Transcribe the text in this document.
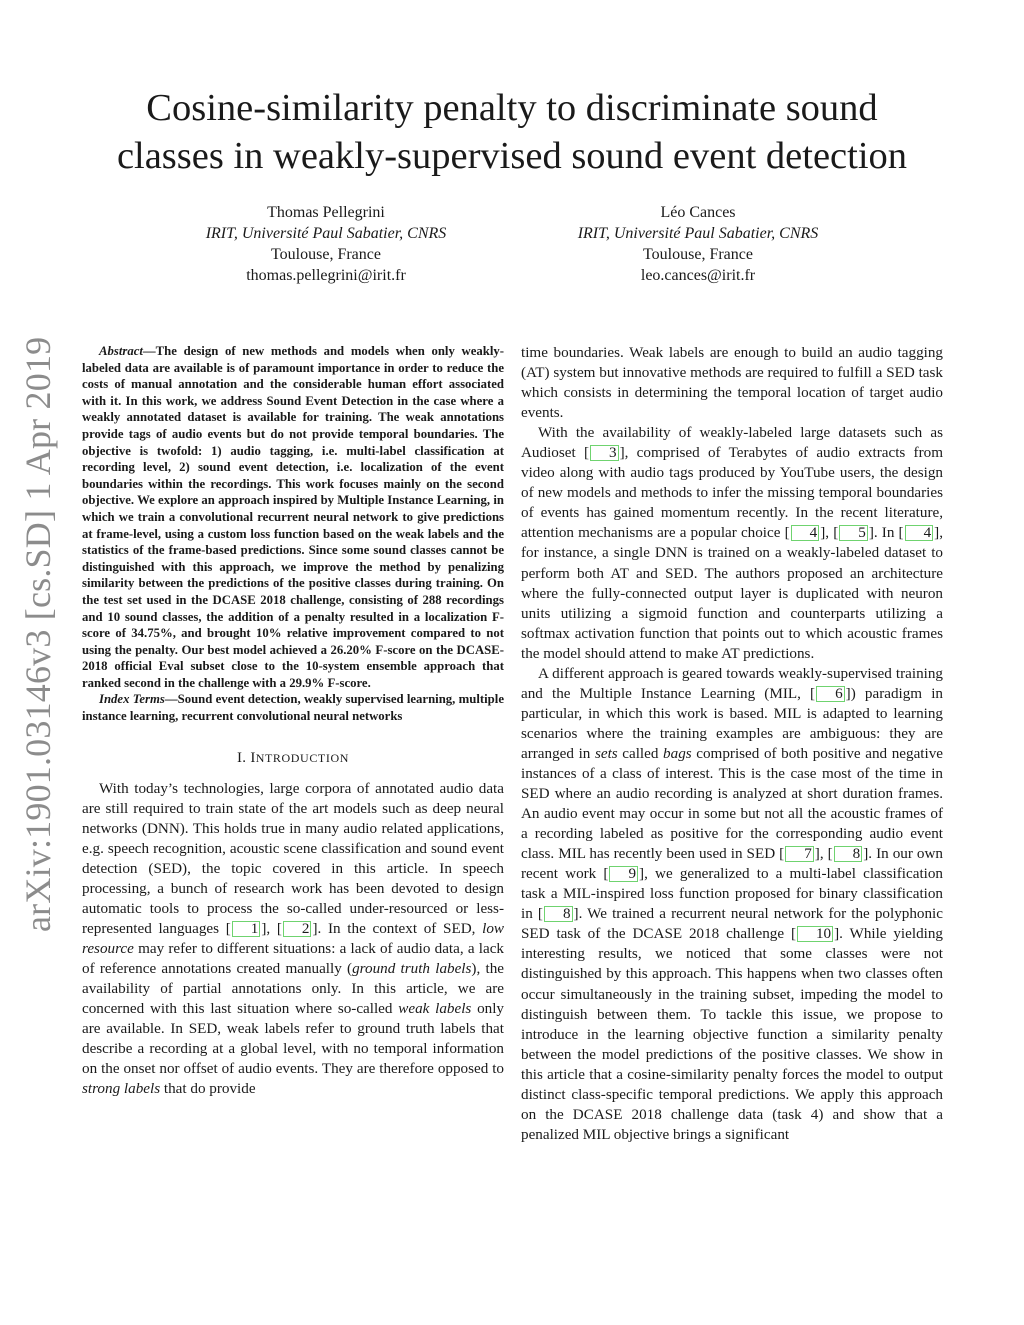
arXiv:1901.03146v3 [cs.SD] 1 Apr 2019
Cosine-similarity penalty to discriminate sound
classes in weakly-supervised sound event detection
Thomas Pellegrini
IRIT, Université Paul Sabatier, CNRS
Toulouse, France
thomas.pellegrini@irit.fr
Léo Cances
IRIT, Université Paul Sabatier, CNRS
Toulouse, France
leo.cances@irit.fr

Abstract—The design of new methods and models when only weakly-labeled data are available is of paramount importance in order to reduce the costs of manual annotation and the considerable human effort associated with it. In this work, we address Sound Event Detection in the case where a weakly annotated dataset is available for training. The weak annotations provide tags of audio events but do not provide temporal boundaries. The objective is twofold: 1) audio tagging, i.e. multi-label classification at recording level, 2) sound event detection, i.e. localization of the event boundaries within the recordings. This work focuses mainly on the second objective. We explore an approach inspired by Multiple Instance Learning, in which we train a convolutional recurrent neural network to give predictions at frame-level, using a custom loss function based on the weak labels and the statistics of the frame-based predictions. Since some sound classes cannot be distinguished with this approach, we improve the method by penalizing similarity between the predictions of the positive classes during training. On the test set used in the DCASE 2018 challenge, consisting of 288 recordings and 10 sound classes, the addition of a penalty resulted in a localization F-score of 34.75%, and brought 10% relative improvement compared to not using the penalty. Our best model achieved a 26.20% F-score on the DCASE-2018 official Eval subset close to the 10-system ensemble approach that ranked second in the challenge with a 29.9% F-score.

Index Terms—Sound event detection, weakly supervised learning, multiple instance learning, recurrent convolutional neural networks

I. INTRODUCTION

With today’s technologies, large corpora of annotated audio data are still required to train state of the art models such as deep neural networks (DNN). This holds true in many audio related applications, e.g. speech recognition, acoustic scene classification and sound event detection (SED), the topic covered in this article. In speech processing, a bunch of research work has been devoted to design automatic tools to process the so-called under-resourced or less-represented languages [ 1 ], [ 2 ]. In the context of SED, low resource may refer to different situations: a lack of audio data, a lack of reference annotations created manually (ground truth labels), the availability of partial annotations only. In this article, we are concerned with this last situation where so-called weak labels only are available. In SED, weak labels refer to ground truth labels that describe a recording at a global level, with no temporal information on the onset nor offset of audio events. They are therefore opposed to strong labels that do provide

time boundaries. Weak labels are enough to build an audio tagging (AT) system but innovative methods are required to fulfill a SED task which consists in determining the temporal location of target audio events.

With the availability of weakly-labeled large datasets such as Audioset [ 3 ], comprised of Terabytes of audio extracts from video along with audio tags produced by YouTube users, the design of new models and methods to infer the missing temporal boundaries of events has gained momentum recently. In the recent literature, attention mechanisms are a popular choice [ 4 ], [ 5 ]. In [ 4 ], for instance, a single DNN is trained on a weakly-labeled dataset to perform both AT and SED. The authors proposed an architecture where the fully-connected output layer is duplicated with neuron units utilizing a sigmoid function and counterparts utilizing a softmax activation function that points out to which acoustic frames the model should attend to make AT predictions.

A different approach is geared towards weakly-supervised training and the Multiple Instance Learning (MIL, [ 6 ]) paradigm in particular, in which this work is based. MIL is adapted to learning scenarios where the training examples are ambiguous: they are arranged in sets called bags comprised of both positive and negative instances of a class of interest. This is the case most of the time in SED where an audio recording is analyzed at short duration frames. An audio event may occur in some but not all the acoustic frames of a recording labeled as positive for the corresponding audio event class. MIL has recently been used in SED [ 7 ], [ 8 ]. In our own recent work [ 9 ], we generalized to a multi-label classification task a MIL-inspired loss function proposed for binary classification in [ 8 ]. We trained a recurrent neural network for the polyphonic SED task of the DCASE 2018 challenge [ 10 ]. While yielding interesting results, we noticed that some classes were not distinguished by this approach. This happens when two classes often occur simultaneously in the training subset, impeding the model to distinguish between them. To tackle this issue, we propose to introduce in the learning objective function a similarity penalty between the model predictions of the positive classes. We show in this article that a cosine-similarity penalty forces the model to output distinct class-specific temporal predictions. We apply this approach on the DCASE 2018 challenge data (task 4) and show that a penalized MIL objective brings a significant
